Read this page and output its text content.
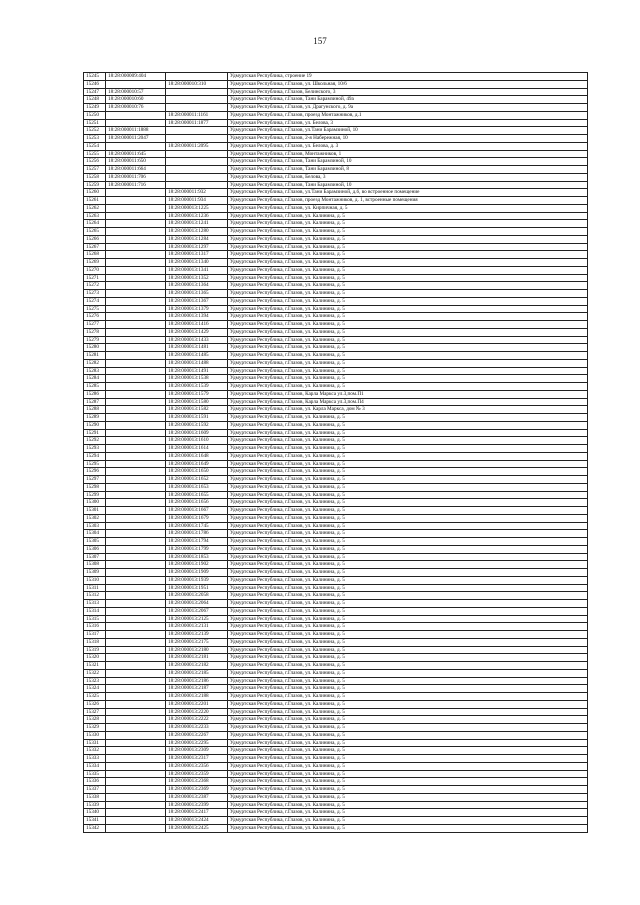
157
15245	18:28:000009:404		Удмуртская Республика, строение 19
15246		18:28:000010:310	Удмуртская Республика, г.Глазов, ул. Школьная, 10/6
15247	18:28:000010:57		Удмуртская Республика, г.Глазов, Белинского, 3
15248	18:28:000010:60		Удмуртская Республика, г.Глазов, Тани Барамзиной, 49а
15249	18:28:000010:76		Удмуртская Республика, г.Глазов, ул. Драгунского, д. 9а
15250		18:28:000011:1161	Удмуртская Республика, г.Глазов, проезд Монтажников, д.1
15251		18:28:000011:1877	Удмуртская Республика, г.Глазов, ул. Белова, 3
15252	18:28:000011:1888		Удмуртская Республика, г.Глазов, ул.Тани Барамзиной, 10
15253	18:28:000011:2047		Удмуртская Республика, г.Глазов, 2-я Набережная, 10
15254		18:28:000011:2095	Удмуртская Республика, г.Глазов, ул. Белова, д. 3
15255	18:28:000011:645		Удмуртская Республика, г.Глазов, Монтажников, 1
15256	18:28:000011:650		Удмуртская Республика, г.Глазов, Тани Барамзиной, 10
15257	18:28:000011:664		Удмуртская Республика, г.Глазов, Тани Барамзиной, 8
15258	18:28:000011:706		Удмуртская Республика, г.Глазов, Белова, 3
15259	18:28:000011:716		Удмуртская Республика, г.Глазов, Тани Барамзиной, 10
15260		18:28:000011:932	Удмуртская Республика, г.Глазов, ул.Тани Барамзиной, д.6, во встроенное помещение
15261		18:28:000011:934	Удмуртская Республика, г.Глазов, проезд Монтажников, д. 1, встроенные помещения
15262		18:28:000013:1225	Удмуртская Республика, г.Глазов, ул. Кирпичная, д. 5
15263		18:28:000013:1236	Удмуртская Республика, г.Глазов, ул. Калинина, д. 5
15264		18:28:000013:1241	Удмуртская Республика, г.Глазов, ул. Калинина, д. 5
15265		18:28:000013:1280	Удмуртская Республика, г.Глазов, ул. Калинина, д. 5
15266		18:28:000013:1284	Удмуртская Республика, г.Глазов, ул. Калинина, д. 5
15267		18:28:000013:1297	Удмуртская Республика, г.Глазов, ул. Калинина, д. 5
15268		18:28:000013:1317	Удмуртская Республика, г.Глазов, ул. Калинина, д. 5
15269		18:28:000013:1340	Удмуртская Республика, г.Глазов, ул. Калинина, д. 5
15270		18:28:000013:1341	Удмуртская Республика, г.Глазов, ул. Калинина, д. 5
15271		18:28:000013:1352	Удмуртская Республика, г.Глазов, ул. Калинина, д. 5
15272		18:28:000013:1364	Удмуртская Республика, г.Глазов, ул. Калинина, д. 5
15273		18:28:000013:1365	Удмуртская Республика, г.Глазов, ул. Калинина, д. 5
15274		18:28:000013:1367	Удмуртская Республика, г.Глазов, ул. Калинина, д. 5
15275		18:28:000013:1379	Удмуртская Республика, г.Глазов, ул. Калинина, д. 5
15276		18:28:000013:1394	Удмуртская Республика, г.Глазов, ул. Калинина, д. 5
15277		18:28:000013:1416	Удмуртская Республика, г.Глазов, ул. Калинина, д. 5
15278		18:28:000013:1429	Удмуртская Республика, г.Глазов, ул. Калинина, д. 5
15279		18:28:000013:1433	Удмуртская Республика, г.Глазов, ул. Калинина, д. 5
15280		18:28:000013:1481	Удмуртская Республика, г.Глазов, ул. Калинина, д. 5
15281		18:28:000013:1485	Удмуртская Республика, г.Глазов, ул. Калинина, д. 5
15282		18:28:000013:1488	Удмуртская Республика, г.Глазов, ул. Калинина, д. 5
15283		18:28:000013:1491	Удмуртская Республика, г.Глазов, ул. Калинина, д. 5
15284		18:28:000013:1538	Удмуртская Республика, г.Глазов, ул. Калинина, д. 5
15285		18:28:000013:1539	Удмуртская Республика, г.Глазов, ул. Калинина, д. 5
15286		18:28:000013:1579	Удмуртская Республика, г.Глазов, Карла Маркса ул.3,пом.П1
15287		18:28:000013:1580	Удмуртская Республика, г.Глазов, Карла Маркса ул.3,пом.П4
15288		18:28:000013:1582	Удмуртская Республика, г.Глазов, ул. Карла Маркса, дом № 3
15289		18:28:000013:1591	Удмуртская Республика, г.Глазов, ул. Калинина, д. 5
15290		18:28:000013:1592	Удмуртская Республика, г.Глазов, ул. Калинина, д. 5
15291		18:28:000013:1609	Удмуртская Республика, г.Глазов, ул. Калинина, д. 5
15292		18:28:000013:1610	Удмуртская Республика, г.Глазов, ул. Калинина, д. 5
15293		18:28:000013:1614	Удмуртская Республика, г.Глазов, ул. Калинина, д. 5
15294		18:28:000013:1648	Удмуртская Республика, г.Глазов, ул. Калинина, д. 5
15295		18:28:000013:1649	Удмуртская Республика, г.Глазов, ул. Калинина, д. 5
15296		18:28:000013:1650	Удмуртская Республика, г.Глазов, ул. Калинина, д. 5
15297		18:28:000013:1652	Удмуртская Республика, г.Глазов, ул. Калинина, д. 5
15298		18:28:000013:1653	Удмуртская Республика, г.Глазов, ул. Калинина, д. 5
15299		18:28:000013:1655	Удмуртская Республика, г.Глазов, ул. Калинина, д. 5
15300		18:28:000013:1656	Удмуртская Республика, г.Глазов, ул. Калинина, д. 5
15301		18:28:000013:1667	Удмуртская Республика, г.Глазов, ул. Калинина, д. 5
15302		18:28:000013:1679	Удмуртская Республика, г.Глазов, ул. Калинина, д. 5
15303		18:28:000013:1745	Удмуртская Республика, г.Глазов, ул. Калинина, д. 5
15304		18:28:000013:1786	Удмуртская Республика, г.Глазов, ул. Калинина, д. 5
15305		18:28:000013:1794	Удмуртская Республика, г.Глазов, ул. Калинина, д. 5
15306		18:28:000013:1799	Удмуртская Республика, г.Глазов, ул. Калинина, д. 5
15307		18:28:000013:1853	Удмуртская Республика, г.Глазов, ул. Калинина, д. 5
15308		18:28:000013:1902	Удмуртская Республика, г.Глазов, ул. Калинина, д. 5
15309		18:28:000013:1909	Удмуртская Республика, г.Глазов, ул. Калинина, д. 5
15310		18:28:000013:1939	Удмуртская Республика, г.Глазов, ул. Калинина, д. 5
15311		18:28:000013:1951	Удмуртская Республика, г.Глазов, ул. Калинина, д. 5
15312		18:28:000013:2058	Удмуртская Республика, г.Глазов, ул. Калинина, д. 5
15313		18:28:000013:2064	Удмуртская Республика, г.Глазов, ул. Калинина, д. 5
15314		18:28:000013:2067	Удмуртская Республика, г.Глазов, ул. Калинина, д. 5
15315		18:28:000013:2125	Удмуртская Республика, г.Глазов, ул. Калинина, д. 5
15316		18:28:000013:2131	Удмуртская Республика, г.Глазов, ул. Калинина, д. 5
15317		18:28:000013:2139	Удмуртская Республика, г.Глазов, ул. Калинина, д. 5
15318		18:28:000013:2175	Удмуртская Республика, г.Глазов, ул. Калинина, д. 5
15319		18:28:000013:2180	Удмуртская Республика, г.Глазов, ул. Калинина, д. 5
15320		18:28:000013:2181	Удмуртская Республика, г.Глазов, ул. Калинина, д. 5
15321		18:28:000013:2182	Удмуртская Республика, г.Глазов, ул. Калинина, д. 5
15322		18:28:000013:2185	Удмуртская Республика, г.Глазов, ул. Калинина, д. 5
15323		18:28:000013:2186	Удмуртская Республика, г.Глазов, ул. Калинина, д. 5
15324		18:28:000013:2187	Удмуртская Республика, г.Глазов, ул. Калинина, д. 5
15325		18:28:000013:2188	Удмуртская Республика, г.Глазов, ул. Калинина, д. 5
15326		18:28:000013:2201	Удмуртская Республика, г.Глазов, ул. Калинина, д. 5
15327		18:28:000013:2220	Удмуртская Республика, г.Глазов, ул. Калинина, д. 5
15328		18:28:000013:2222	Удмуртская Республика, г.Глазов, ул. Калинина, д. 5
15329		18:28:000013:2233	Удмуртская Республика, г.Глазов, ул. Калинина, д. 5
15330		18:28:000013:2267	Удмуртская Республика, г.Глазов, ул. Калинина, д. 5
15331		18:28:000013:2295	Удмуртская Республика, г.Глазов, ул. Калинина, д. 5
15332		18:28:000013:2309	Удмуртская Республика, г.Глазов, ул. Калинина, д. 5
15333		18:28:000013:2317	Удмуртская Республика, г.Глазов, ул. Калинина, д. 5
15334		18:28:000013:2356	Удмуртская Республика, г.Глазов, ул. Калинина, д. 5
15335		18:28:000013:2359	Удмуртская Республика, г.Глазов, ул. Калинина, д. 5
15336		18:28:000013:2368	Удмуртская Республика, г.Глазов, ул. Калинина, д. 5
15337		18:28:000013:2369	Удмуртская Республика, г.Глазов, ул. Калинина, д. 5
15338		18:28:000013:2387	Удмуртская Республика, г.Глазов, ул. Калинина, д. 5
15339		18:28:000013:2399	Удмуртская Республика, г.Глазов, ул. Калинина, д. 5
15340		18:28:000013:2417	Удмуртская Республика, г.Глазов, ул. Калинина, д. 5
15341		18:28:000013:2424	Удмуртская Республика, г.Глазов, ул. Калинина, д. 5
15342		18:28:000013:2425	Удмуртская Республика, г.Глазов, ул. Калинина, д. 5
